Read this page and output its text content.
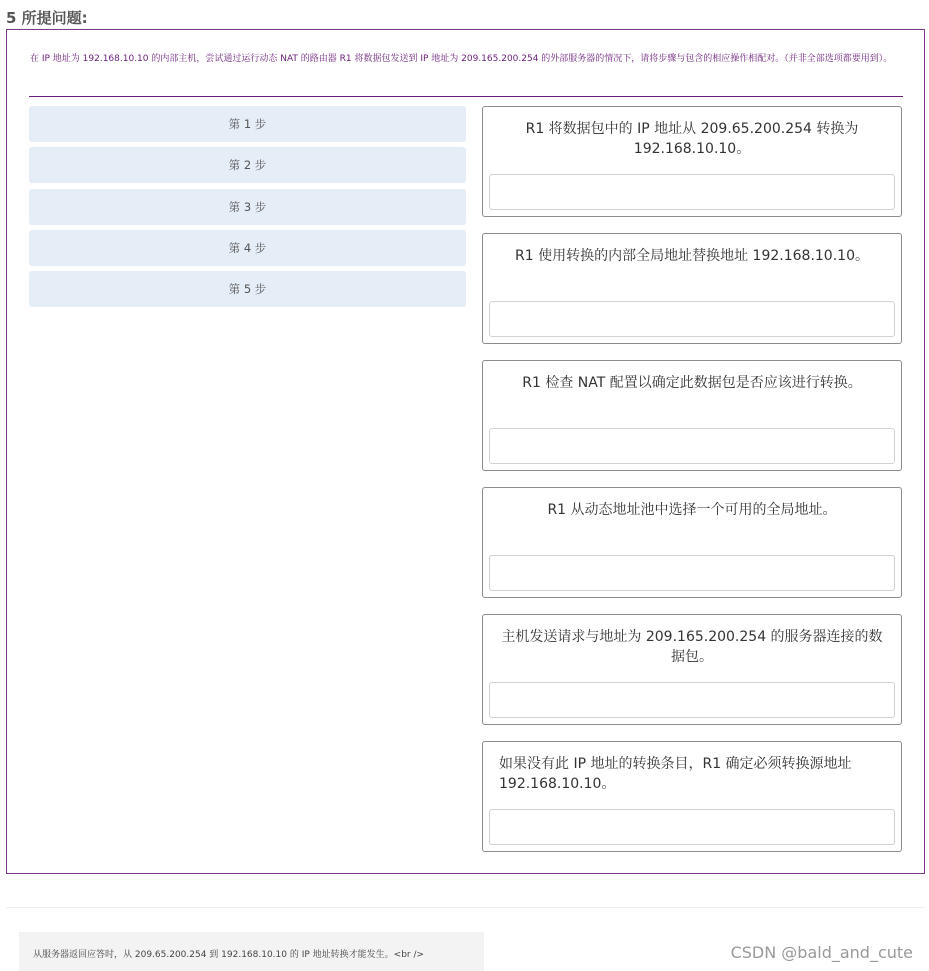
5 所提问题:
在 IP 地址为 192.168.10.10 的内部主机，尝试通过运行动态 NAT 的路由器 R1 将数据包发送到 IP 地址为 209.165.200.254 的外部服务器的情况下，请将步骤与包含的相应操作相配对。（并非全部选项都要用到）。
第 1 步
第 2 步
第 3 步
第 4 步
第 5 步
R1 将数据包中的 IP 地址从 209.65.200.254 转换为 192.168.10.10。
R1 使用转换的内部全局地址替换地址 192.168.10.10。
R1 检查 NAT 配置以确定此数据包是否应该进行转换。
R1 从动态地址池中选择一个可用的全局地址。
主机发送请求与地址为 209.165.200.254 的服务器连接的数据包。
如果没有此 IP 地址的转换条目，R1 确定必须转换源地址 192.168.10.10。
从服务器返回应答时，从 209.65.200.254 到 192.168.10.10 的 IP 地址转换才能发生。<br />	CSDN @bald_and_cute
